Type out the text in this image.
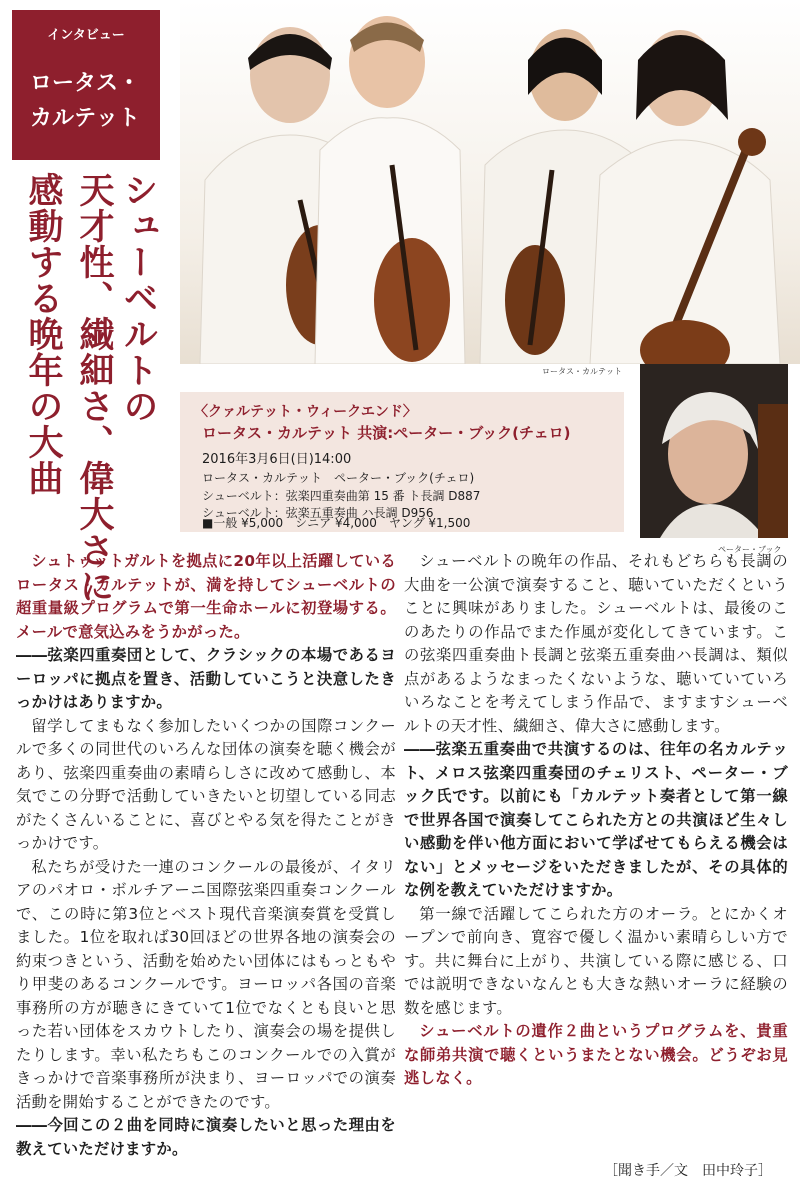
インタビュー
ロータス・
カルテット
シューベルトの
天才性、繊細さ、偉大さに
感動する晩年の大曲	ロータス・カルテット
〈クァルテット・ウィークエンド〉
ロータス・カルテット 共演:ペーター・ブック(チェロ)
2016年3月6日(日)14:00
ロータス・カルテット　ペーター・ブック(チェロ)
シューベルト：弦楽四重奏曲第 15 番 ト長調 D887
シューベルト：弦楽五重奏曲 ハ長調 D956
■一般 ¥5,000　シニア ¥4,000　ヤング ¥1,500
ペーター・ブック

シュトゥットガルトを拠点に20年以上活躍しているロータス・カルテットが、満を持してシューベルトの超重量級プログラムで第一生命ホールに初登場する。メールで意気込みをうかがった。

――弦楽四重奏団として、クラシックの本場であるヨーロッパに拠点を置き、活動していこうと決意したきっかけはありますか。

留学してまもなく参加したいくつかの国際コンクールで多くの同世代のいろんな団体の演奏を聴く機会があり、弦楽四重奏曲の素晴らしさに改めて感動し、本気でこの分野で活動していきたいと切望している同志がたくさんいることに、喜びとやる気を得たことがきっかけです。

私たちが受けた一連のコンクールの最後が、イタリアのパオロ・ボルチアーニ国際弦楽四重奏コンクールで、この時に第3位とベスト現代音楽演奏賞を受賞しました。1位を取れば30回ほどの世界各地の演奏会の約束つきという、活動を始めたい団体にはもっともやり甲斐のあるコンクールです。ヨーロッパ各国の音楽事務所の方が聴きにきていて1位でなくとも良いと思った若い団体をスカウトしたり、演奏会の場を提供したりします。幸い私たちもこのコンクールでの入賞がきっかけで音楽事務所が決まり、ヨーロッパでの演奏活動を開始することができたのです。

――今回この２曲を同時に演奏したいと思った理由を教えていただけますか。

シューベルトの晩年の作品、それもどちらも長調の大曲を一公演で演奏すること、聴いていただくということに興味がありました。シューベルトは、最後のこのあたりの作品でまた作風が変化してきています。この弦楽四重奏曲ト長調と弦楽五重奏曲ハ長調は、類似点があるようなまったくないような、聴いていていろいろなことを考えてしまう作品で、ますますシューベルトの天才性、繊細さ、偉大さに感動します。

――弦楽五重奏曲で共演するのは、往年の名カルテット、メロス弦楽四重奏団のチェリスト、ペーター・ブック氏です。以前にも「カルテット奏者として第一線で世界各国で演奏してこられた方との共演ほど生々しい感動を伴い他方面において学ばせてもらえる機会はない」とメッセージをいただきましたが、その具体的な例を教えていただけますか。

第一線で活躍してこられた方のオーラ。とにかくオープンで前向き、寛容で優しく温かい素晴らしい方です。共に舞台に上がり、共演している際に感じる、口では説明できないなんとも大きな熱いオーラに経験の数を感じます。

シューベルトの遺作２曲というプログラムを、貴重な師弟共演で聴くというまたとない機会。どうぞお見逃しなく。

［聞き手／文　田中玲子］
